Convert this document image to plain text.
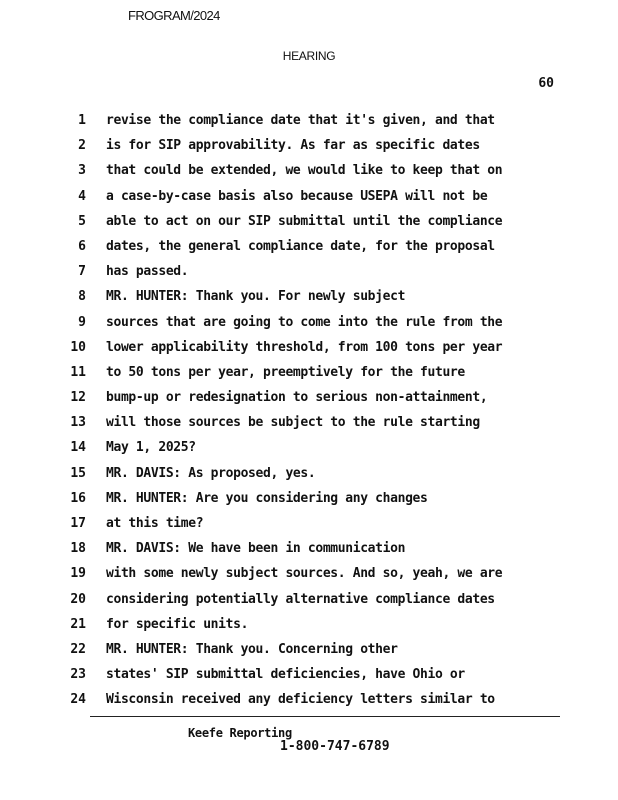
FROGRAM/2024
HEARING
60
1 revise the compliance date that it's given, and that
2 is for SIP approvability. As far as specific dates
3 that could be extended, we would like to keep that on
4 a case-by-case basis also because USEPA will not be
5 able to act on our SIP submittal until the compliance
6 dates, the general compliance date, for the proposal
7 has passed.
8 MR. HUNTER: Thank you. For newly subject
9 sources that are going to come into the rule from the
10 lower applicability threshold, from 100 tons per year
11 to 50 tons per year, preemptively for the future
12 bump-up or redesignation to serious non-attainment,
13 will those sources be subject to the rule starting
14 May 1, 2025?
15 MR. DAVIS: As proposed, yes.
16 MR. HUNTER: Are you considering any changes
17 at this time?
18 MR. DAVIS: We have been in communication
19 with some newly subject sources. And so, yeah, we are
20 considering potentially alternative compliance dates
21 for specific units.
22 MR. HUNTER: Thank you. Concerning other
23 states' SIP submittal deficiencies, have Ohio or
24 Wisconsin received any deficiency letters similar to
Keefe Reporting
1-800-747-6789
